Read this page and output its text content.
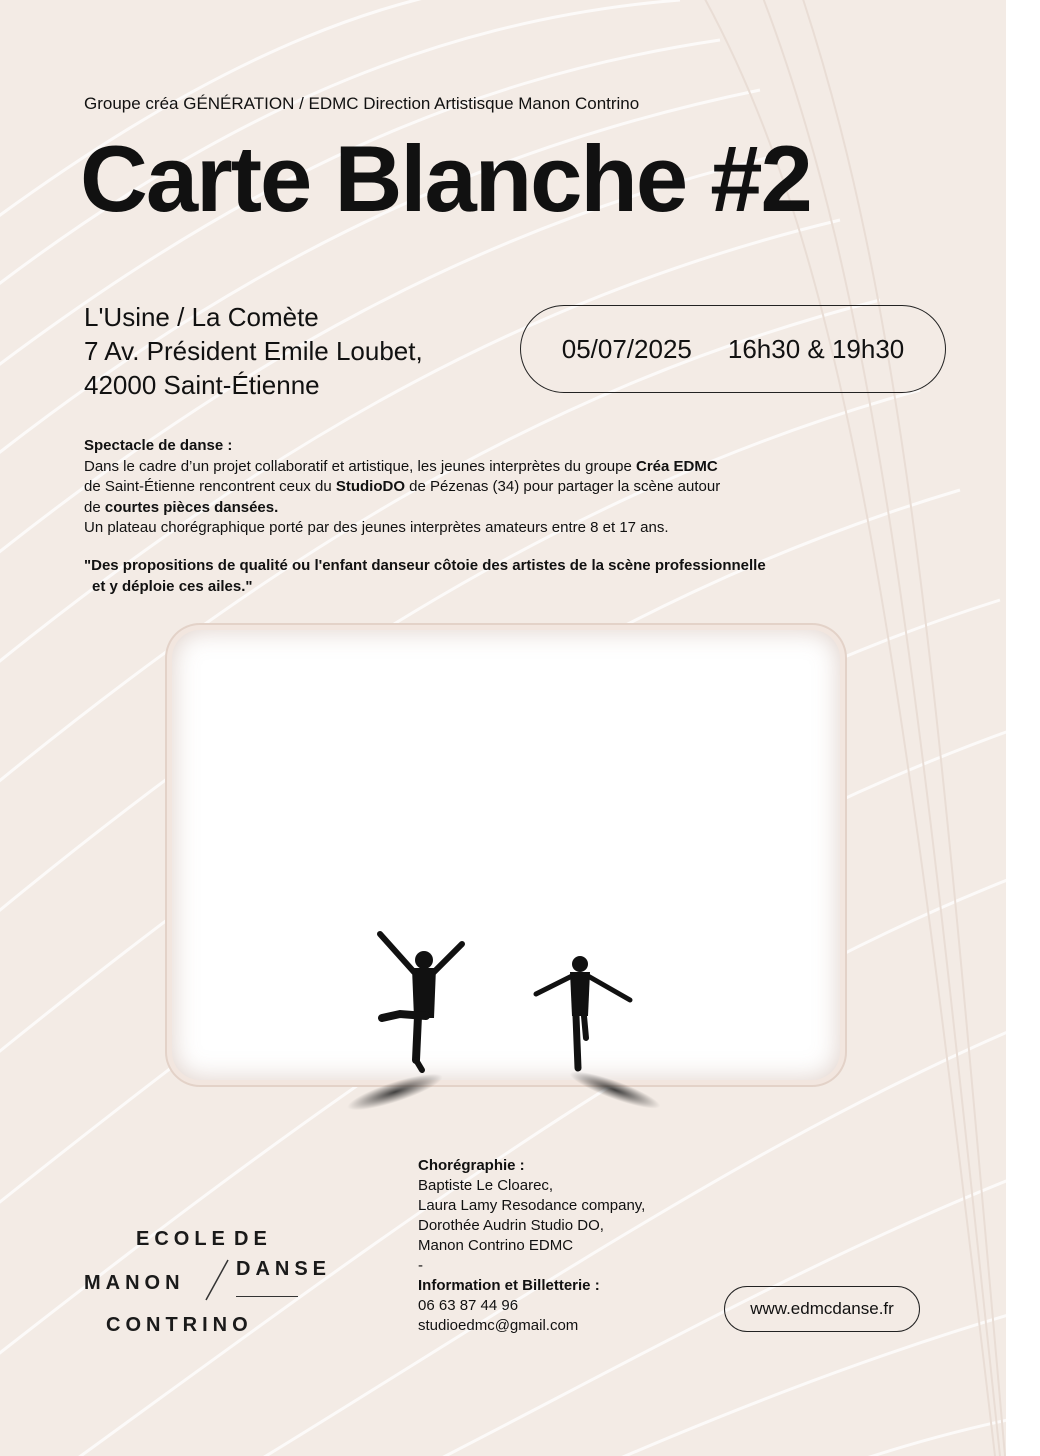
Groupe créa GÉNÉRATION / EDMC Direction Artistisque Manon Contrino
Carte Blanche #2
L'Usine / La Comète
7 Av. Président Emile Loubet,
42000 Saint-Étienne
05/07/2025 16h30 & 19h30

Spectacle de danse :

Dans le cadre d’un projet collaboratif et artistique, les jeunes interprètes du groupe Créa EDMC

de Saint-Étienne rencontrent ceux du StudioDO de Pézenas (34) pour partager la scène autour

de courtes pièces dansées.

Un plateau chorégraphique porté par des jeunes interprètes amateurs entre 8 et 17 ans.

"Des propositions de qualité ou l'enfant danseur côtoie des artistes de la scène professionnelle
et y déploie ces ailes."
ECOLE DE
MANON
DANSE
CONTRINO
Chorégraphie :
Baptiste Le Cloarec,
Laura Lamy Resodance company,
Dorothée Audrin Studio DO,
Manon Contrino EDMC
-
Information et Billetterie :
06 63 87 44 96
studioedmc@gmail.com
www.edmcdanse.fr
